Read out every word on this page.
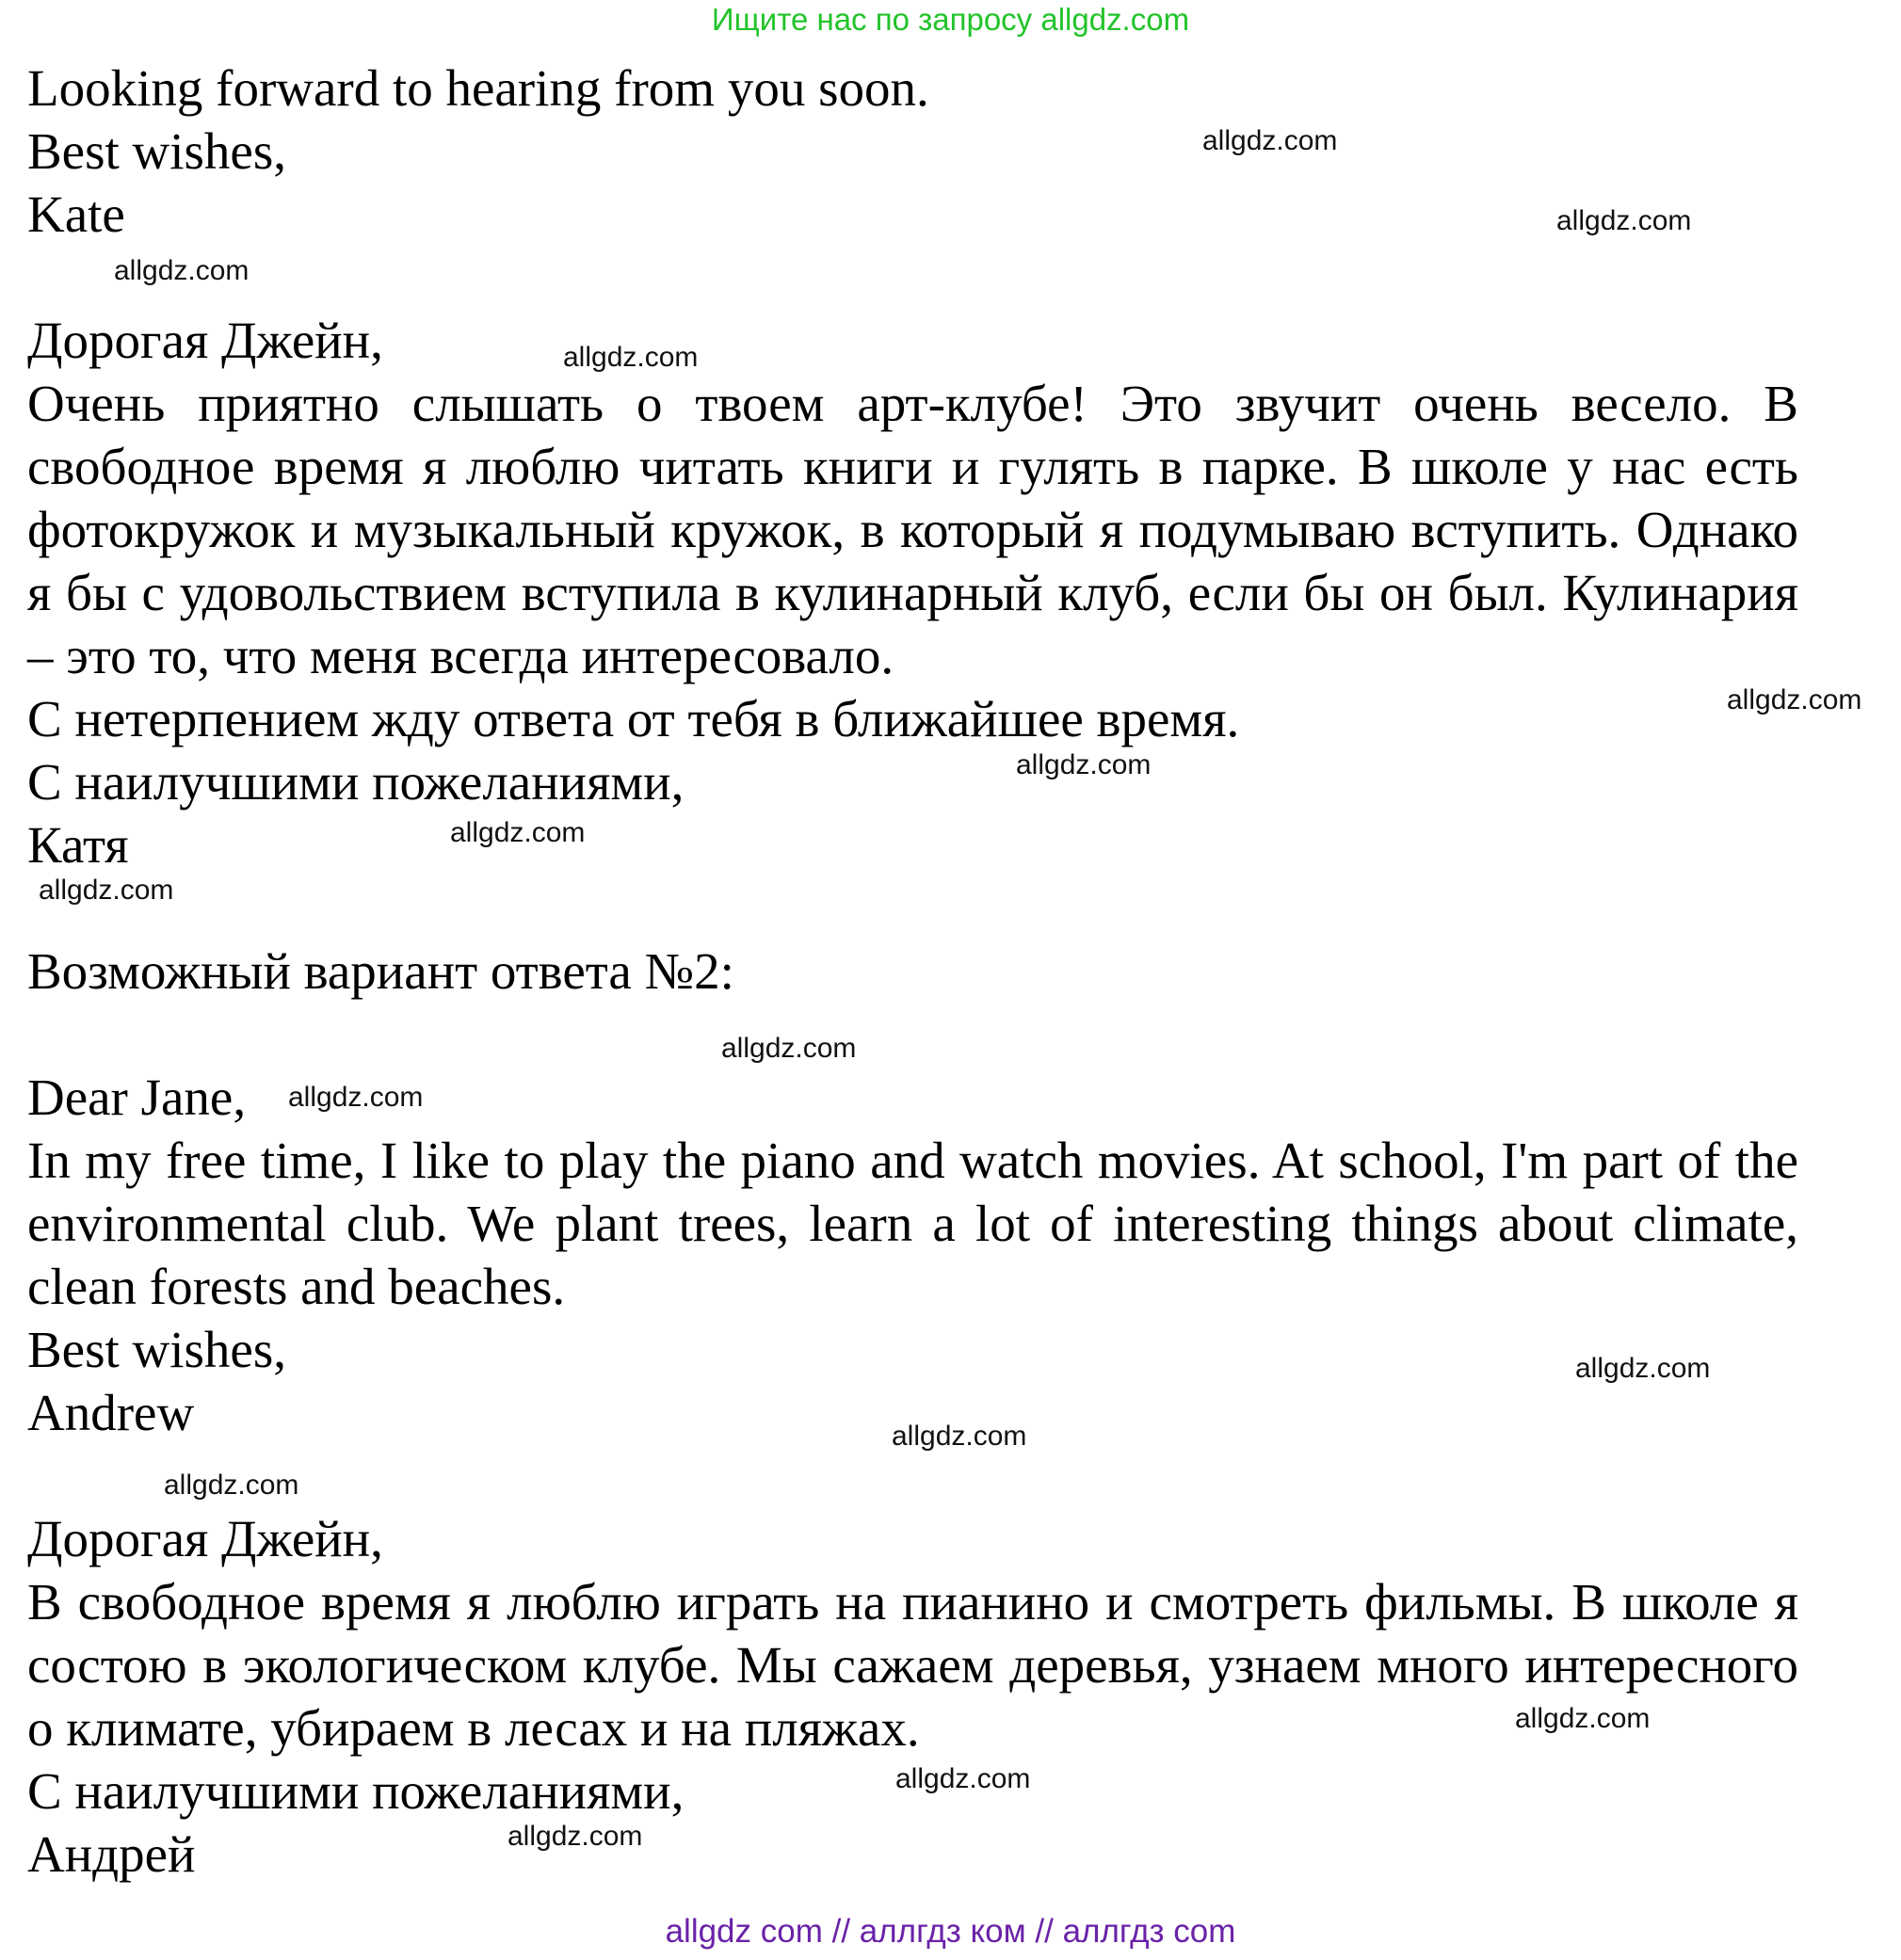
Ищите нас по запросу allgdz.com
Looking forward to hearing from you soon.
Best wishes,
Kate
Дорогая Джейн,
Очень приятно слышать о твоем арт-клубе! Это звучит очень весело. В свободное время я люблю читать книги и гулять в парке. В школе у нас есть фотокружок и музыкальный кружок, в который я подумываю вступить. Однако я бы с удовольствием вступила в кулинарный клуб, если бы он был. Кулинария – это то, что меня всегда интересовало.
С нетерпением жду ответа от тебя в ближайшее время.
С наилучшими пожеланиями,
Катя
Возможный вариант ответа №2:
Dear Jane,
In my free time, I like to play the piano and watch movies. At school, I'm part of the environmental club. We plant trees, learn a lot of interesting things about climate, clean forests and beaches.
Best wishes,
Andrew
Дорогая Джейн,
В свободное время я люблю играть на пианино и смотреть фильмы. В школе я состою в экологическом клубе. Мы сажаем деревья, узнаем много интересного о климате, убираем в лесах и на пляжах.
С наилучшими пожеланиями,
Андрей
allgdz.com
allgdz.com
allgdz.com
allgdz.com
allgdz.com
allgdz.com
allgdz.com
allgdz.com
allgdz.com
allgdz.com
allgdz.com
allgdz.com
allgdz.com
allgdz.com
allgdz.com
allgdz.com
allgdz com // аллгдз ком // аллгдз com
